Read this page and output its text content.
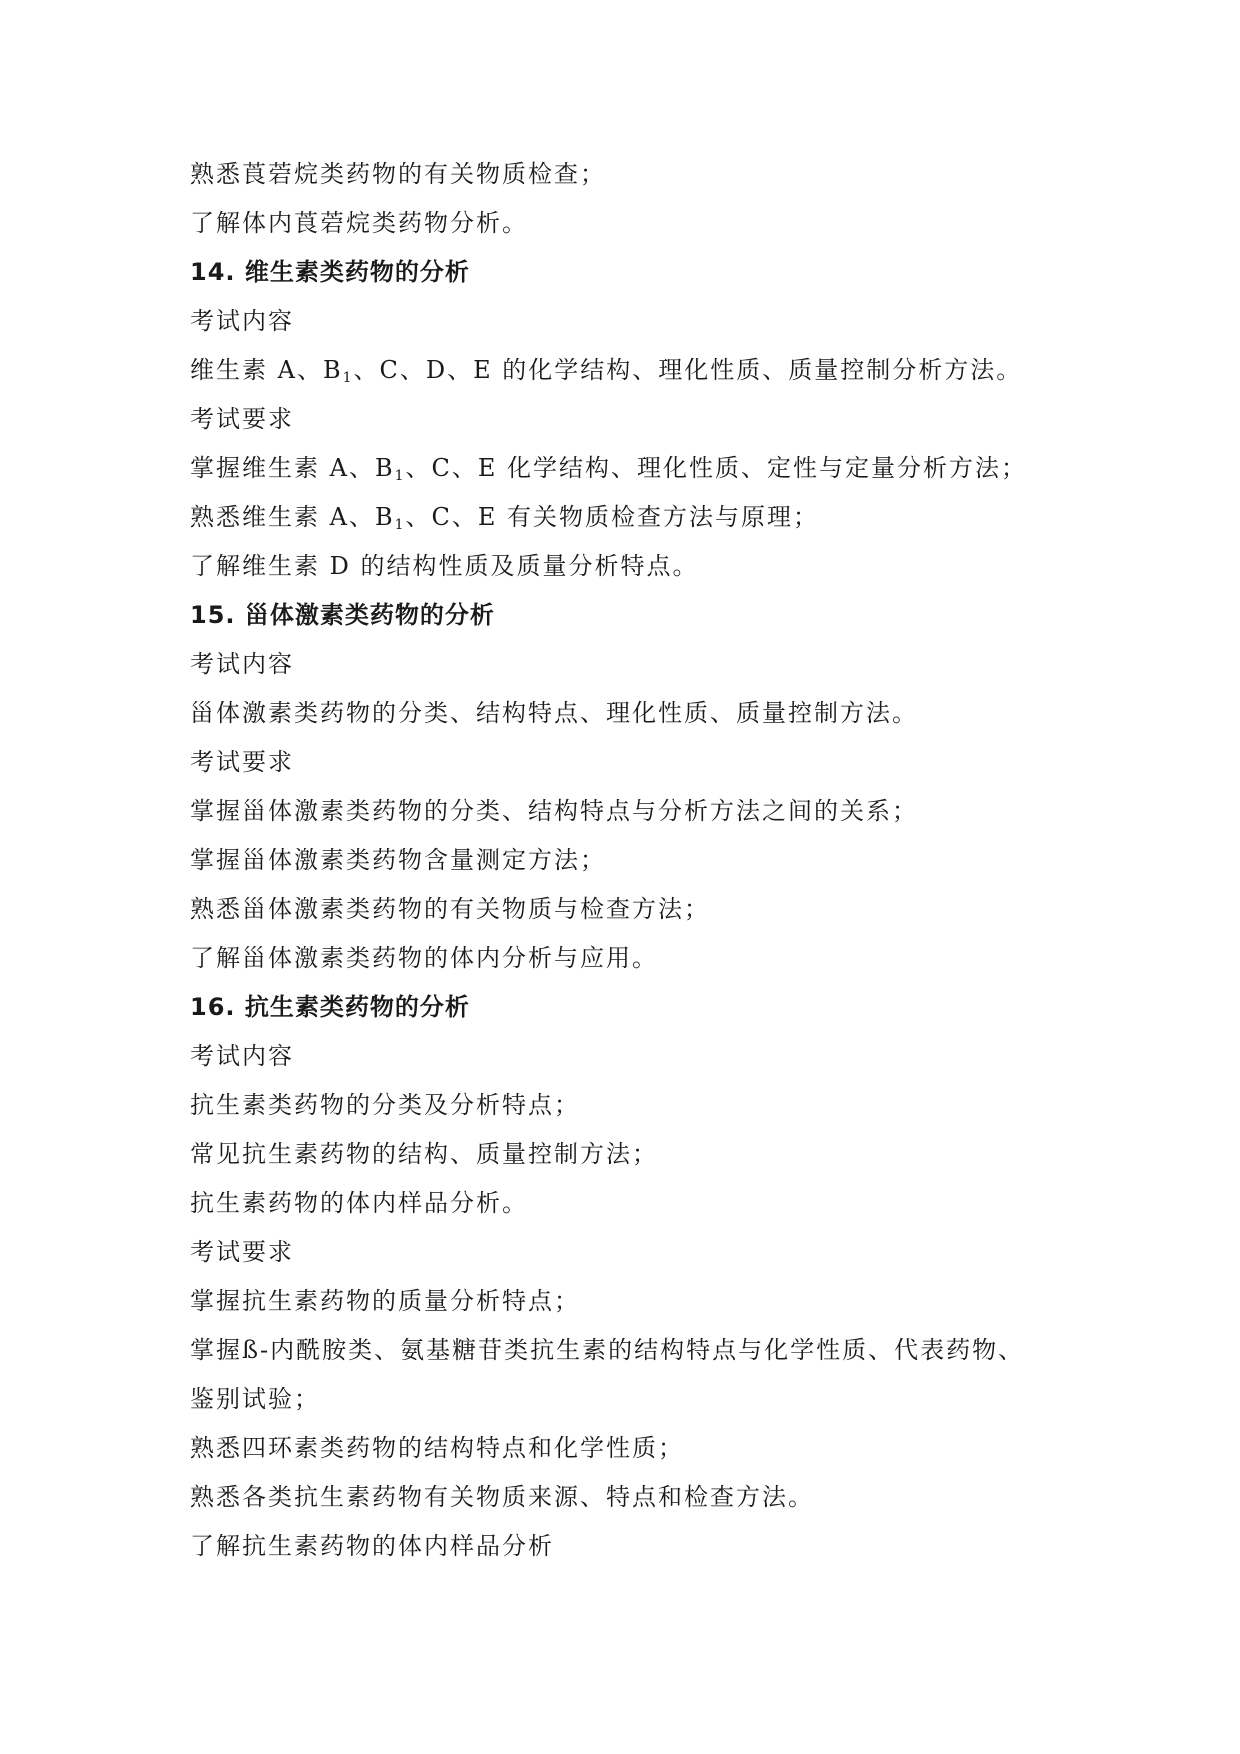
熟悉莨菪烷类药物的有关物质检查；
了解体内莨菪烷类药物分析。
14. 维生素类药物的分析
考试内容
维生素 A、$B_1$、C、D、E 的化学结构、理化性质、质量控制分析方法。
考试要求
掌握维生素 A、$B_1$、C、E 化学结构、理化性质、定性与定量分析方法；
熟悉维生素 A、$B_1$、C、E 有关物质检查方法与原理；
了解维生素 D 的结构性质及质量分析特点。
15. 甾体激素类药物的分析
考试内容
甾体激素类药物的分类、结构特点、理化性质、质量控制方法。
考试要求
掌握甾体激素类药物的分类、结构特点与分析方法之间的关系；
掌握甾体激素类药物含量测定方法；
熟悉甾体激素类药物的有关物质与检查方法；
了解甾体激素类药物的体内分析与应用。
16. 抗生素类药物的分析
考试内容
抗生素类药物的分类及分析特点；
常见抗生素药物的结构、质量控制方法；
抗生素药物的体内样品分析。
考试要求
掌握抗生素药物的质量分析特点；
掌握ß-内酰胺类、氨基糖苷类抗生素的结构特点与化学性质、代表药物、鉴别试验；
熟悉四环素类药物的结构特点和化学性质；
熟悉各类抗生素药物有关物质来源、特点和检查方法。
了解抗生素药物的体内样品分析
